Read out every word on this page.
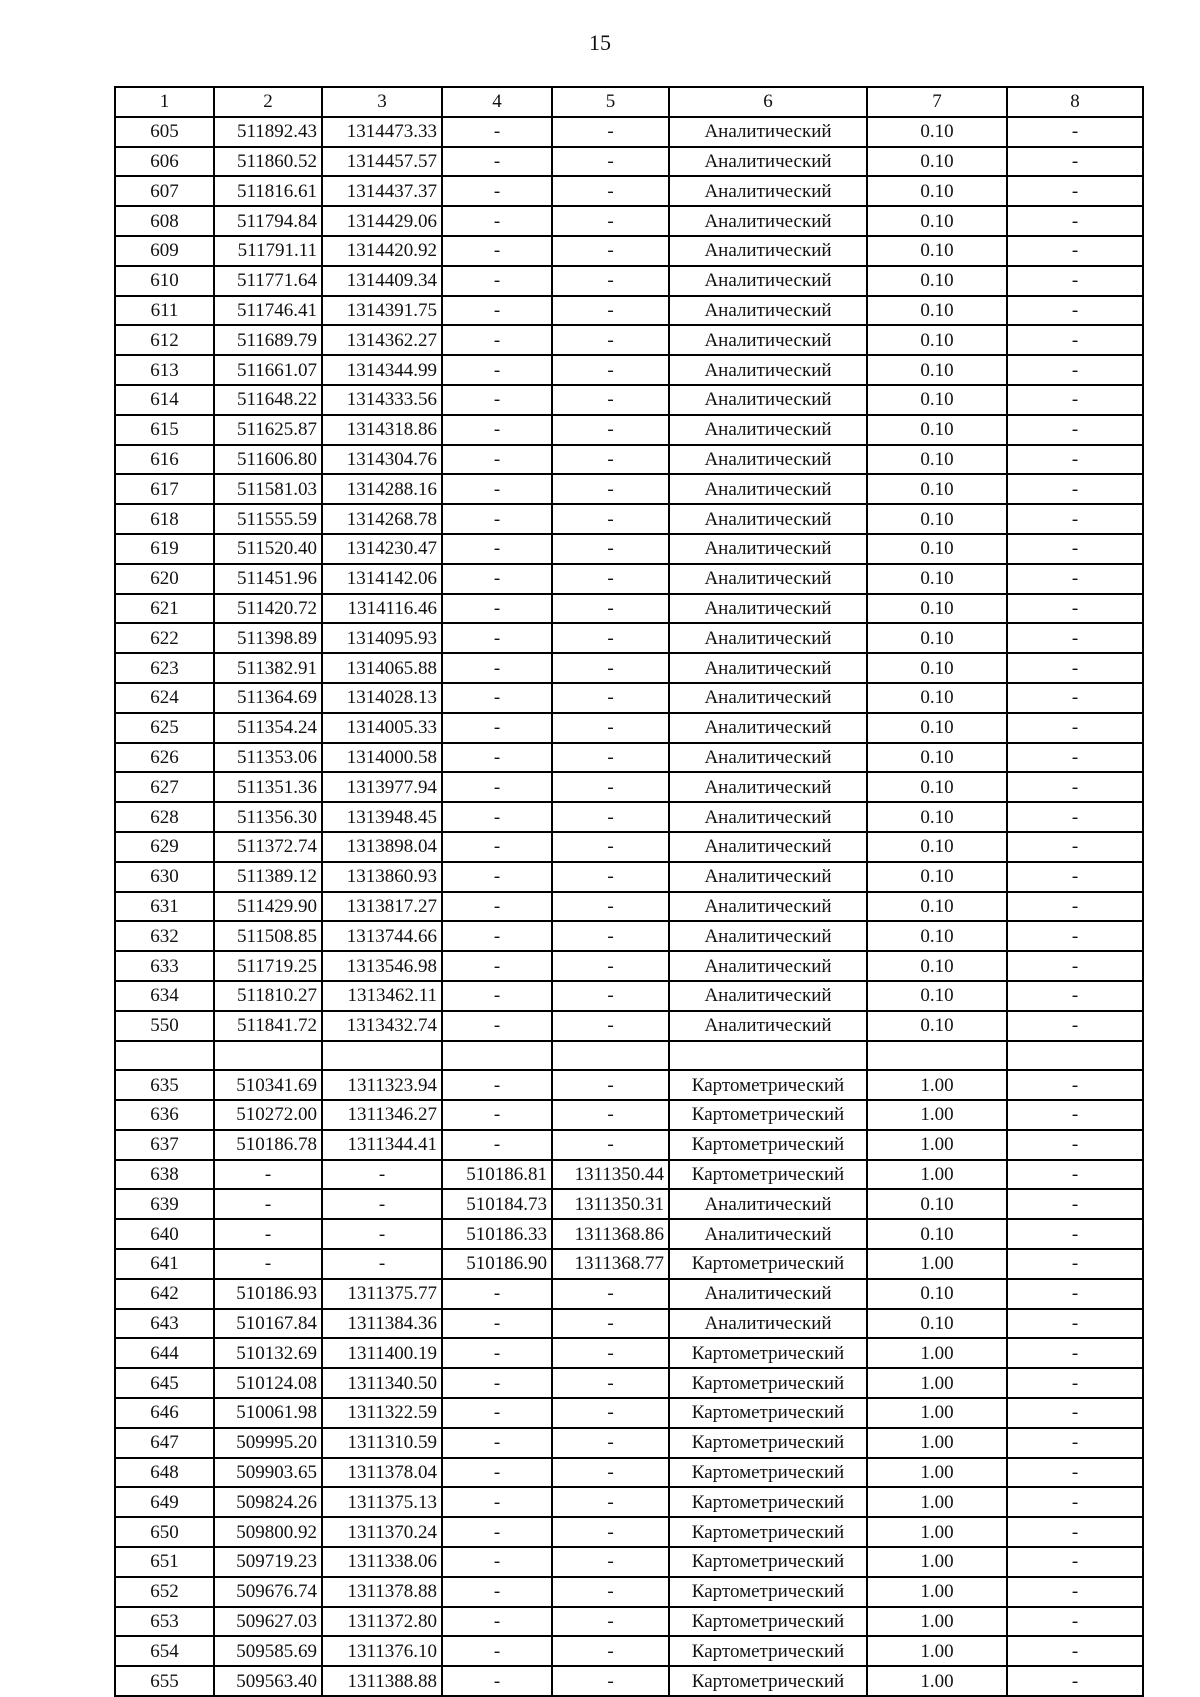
15
1	2	3	4	5	6	7	8
605	511892.43	1314473.33	-	-	Аналитический	0.10	-
606	511860.52	1314457.57	-	-	Аналитический	0.10	-
607	511816.61	1314437.37	-	-	Аналитический	0.10	-
608	511794.84	1314429.06	-	-	Аналитический	0.10	-
609	511791.11	1314420.92	-	-	Аналитический	0.10	-
610	511771.64	1314409.34	-	-	Аналитический	0.10	-
611	511746.41	1314391.75	-	-	Аналитический	0.10	-
612	511689.79	1314362.27	-	-	Аналитический	0.10	-
613	511661.07	1314344.99	-	-	Аналитический	0.10	-
614	511648.22	1314333.56	-	-	Аналитический	0.10	-
615	511625.87	1314318.86	-	-	Аналитический	0.10	-
616	511606.80	1314304.76	-	-	Аналитический	0.10	-
617	511581.03	1314288.16	-	-	Аналитический	0.10	-
618	511555.59	1314268.78	-	-	Аналитический	0.10	-
619	511520.40	1314230.47	-	-	Аналитический	0.10	-
620	511451.96	1314142.06	-	-	Аналитический	0.10	-
621	511420.72	1314116.46	-	-	Аналитический	0.10	-
622	511398.89	1314095.93	-	-	Аналитический	0.10	-
623	511382.91	1314065.88	-	-	Аналитический	0.10	-
624	511364.69	1314028.13	-	-	Аналитический	0.10	-
625	511354.24	1314005.33	-	-	Аналитический	0.10	-
626	511353.06	1314000.58	-	-	Аналитический	0.10	-
627	511351.36	1313977.94	-	-	Аналитический	0.10	-
628	511356.30	1313948.45	-	-	Аналитический	0.10	-
629	511372.74	1313898.04	-	-	Аналитический	0.10	-
630	511389.12	1313860.93	-	-	Аналитический	0.10	-
631	511429.90	1313817.27	-	-	Аналитический	0.10	-
632	511508.85	1313744.66	-	-	Аналитический	0.10	-
633	511719.25	1313546.98	-	-	Аналитический	0.10	-
634	511810.27	1313462.11	-	-	Аналитический	0.10	-
550	511841.72	1313432.74	-	-	Аналитический	0.10	-

635	510341.69	1311323.94	-	-	Картометрический	1.00	-
636	510272.00	1311346.27	-	-	Картометрический	1.00	-
637	510186.78	1311344.41	-	-	Картометрический	1.00	-
638	-	-	510186.81	1311350.44	Картометрический	1.00	-
639	-	-	510184.73	1311350.31	Аналитический	0.10	-
640	-	-	510186.33	1311368.86	Аналитический	0.10	-
641	-	-	510186.90	1311368.77	Картометрический	1.00	-
642	510186.93	1311375.77	-	-	Аналитический	0.10	-
643	510167.84	1311384.36	-	-	Аналитический	0.10	-
644	510132.69	1311400.19	-	-	Картометрический	1.00	-
645	510124.08	1311340.50	-	-	Картометрический	1.00	-
646	510061.98	1311322.59	-	-	Картометрический	1.00	-
647	509995.20	1311310.59	-	-	Картометрический	1.00	-
648	509903.65	1311378.04	-	-	Картометрический	1.00	-
649	509824.26	1311375.13	-	-	Картометрический	1.00	-
650	509800.92	1311370.24	-	-	Картометрический	1.00	-
651	509719.23	1311338.06	-	-	Картометрический	1.00	-
652	509676.74	1311378.88	-	-	Картометрический	1.00	-
653	509627.03	1311372.80	-	-	Картометрический	1.00	-
654	509585.69	1311376.10	-	-	Картометрический	1.00	-
655	509563.40	1311388.88	-	-	Картометрический	1.00	-
